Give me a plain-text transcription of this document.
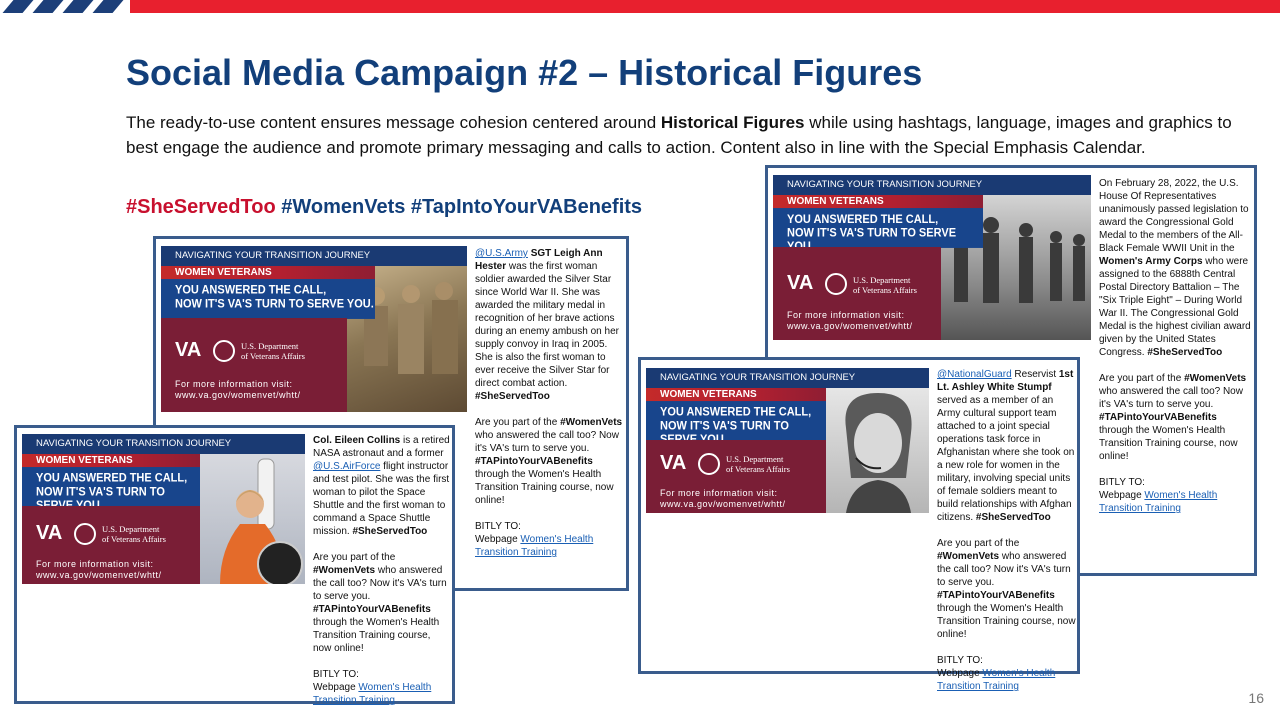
Social Media Campaign #2 – Historical Figures
The ready-to-use content ensures message cohesion centered around Historical Figures while using hashtags, language, images and graphics to best engage the audience and promote primary messaging and calls to action. Content also in line with the Special Emphasis Calendar.
#SheServedToo #WomenVets #TapIntoYourVABenefits
NAVIGATING YOUR TRANSITION JOURNEY
WOMEN VETERANS
YOU ANSWERED THE CALL,
NOW IT'S VA'S TURN TO SERVE YOU.
VA	U.S. Department
of Veterans Affairs
For more information visit:
www.va.gov/womenvet/whtt/

@U.S.Army SGT Leigh Ann Hester was the first woman soldier awarded the Silver Star since World War II. She was awarded the military medal in recognition of her brave actions during an enemy ambush on her supply convoy in Iraq in 2005. She is also the first woman to ever receive the Silver Star for direct combat action. #SheServedToo

Are you part of the #WomenVets who answered the call too? Now it's VA's turn to serve you. #TAPintoYourVABenefits through the Women's Health Transition Training course, now online!

BITLY TO:
Webpage Women's Health Transition Training
NAVIGATING YOUR TRANSITION JOURNEY
WOMEN VETERANS
YOU ANSWERED THE CALL,
NOW IT'S VA'S TURN TO
VA	U.S. Department
of Veterans Affairs
For more information visit:
www.va.gov/womenvet/whtt/

Col. Eileen Collins is a retired NASA astronaut and a former @U.S.AirForce flight instructor and test pilot. She was the first woman to pilot the Space Shuttle and the first woman to command a Space Shuttle mission. #SheServedToo

Are you part of the #WomenVets who answered the call too? Now it's VA's turn to serve you. #TAPintoYourVABenefits through the Women's Health Transition Training course, now online!

BITLY TO:
Webpage Women's Health Transition Training
NAVIGATING YOUR TRANSITION JOURNEY
WOMEN VETERANS
YOU ANSWERED THE CALL,
NOW IT'S VA'S TURN TO SERVE
VA	U.S. Department
of Veterans Affairs
For more information visit:
www.va.gov/womenvet/whtt/

On February 28, 2022, the U.S. House Of Representatives unanimously passed legislation to award the Congressional Gold Medal to the members of the All-Black Female WWII Unit in the Women's Army Corps who were assigned to the 6888th Central Postal Directory Battalion – The "Six Triple Eight" – During World War II. The Congressional Gold Medal is the highest civilian award given by the United States Congress. #SheServedToo

Are you part of the #WomenVets who answered the call too? Now it's VA's turn to serve you. #TAPintoYourVABenefits through the Women's Health Transition Training course, now online!

BITLY TO:
Webpage Women's Health Transition Training
NAVIGATING YOUR TRANSITION JOURNEY
WOMEN VETERANS
YOU ANSWERED THE CALL,
NOW IT'S VA'S TURN TO
VA	U.S. Department
of Veterans Affairs
For more information visit:
www.va.gov/womenvet/whtt/

@NationalGuard Reservist 1st Lt. Ashley White Stumpf served as a member of an Army cultural support team attached to a joint special operations task force in Afghanistan where she took on a new role for women in the military, involving special units of female soldiers meant to build relationships with Afghan citizens. #SheServedToo

Are you part of the #WomenVets who answered the call too? Now it's VA's turn to serve you. #TAPintoYourVABenefits through the Women's Health Transition Training course, now online!

BITLY TO:
Webpage Women's Health Transition Training
16
